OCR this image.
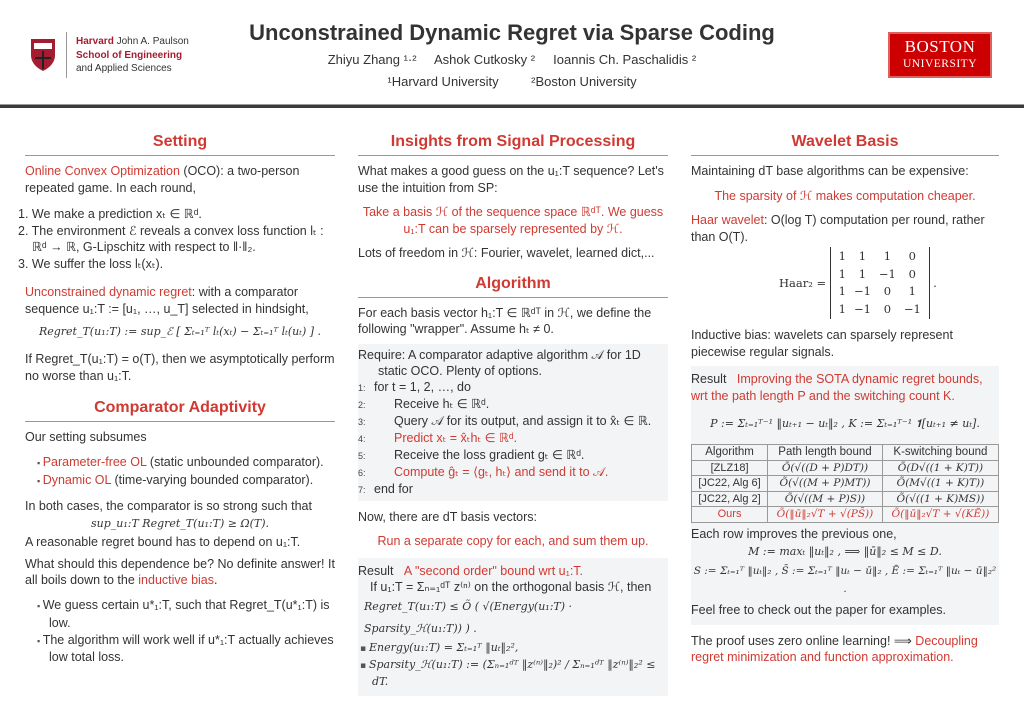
Harvard John A. Paulson
School of Engineering
and Applied Sciences
Unconstrained Dynamic Regret via Sparse Coding
Zhiyu Zhang ¹·² Ashok Cutkosky ² Ioannis Ch. Paschalidis ²
¹Harvard University	²Boston University
BOSTON
UNIVERSITY
Setting
Online Convex Optimization (OCO): a two-person repeated game. In each round,
1. We make a prediction xₜ ∈ ℝᵈ.
2. The environment ℰ reveals a convex loss function lₜ : ℝᵈ → ℝ, G-Lipschitz with respect to ‖·‖₂.
3. We suffer the loss lₜ(xₜ).
Unconstrained dynamic regret: with a comparator sequence u₁:T := [u₁, …, u_T] selected in hindsight,
Regret_T(u₁:T) := sup_ℰ [ Σₜ₌₁ᵀ lₜ(xₜ) − Σₜ₌₁ᵀ lₜ(uₜ) ] .
If Regret_T(u₁:T) = o(T), then we asymptotically perform no worse than u₁:T.
Comparator Adaptivity
Our setting subsumes
▪ Parameter-free OL (static unbounded comparator).
▪ Dynamic OL (time-varying bounded comparator).
In both cases, the comparator is so strong such that
sup_u₁:T Regret_T(u₁:T) ≥ Ω(T).
A reasonable regret bound has to depend on u₁:T.
What should this dependence be? No definite answer! It all boils down to the inductive bias.
▪ We guess certain u*₁:T, such that Regret_T(u*₁:T) is low.
▪ The algorithm will work well if u*₁:T actually achieves low total loss.
Insights from Signal Processing
What makes a good guess on the u₁:T sequence? Let's use the intuition from SP:
Take a basis ℋ of the sequence space ℝᵈᵀ. We guess u₁:T can be sparsely represented by ℋ.
Lots of freedom in ℋ: Fourier, wavelet, learned dict,...
Algorithm
For each basis vector h₁:T ∈ ℝᵈᵀ in ℋ, we define the following "wrapper". Assume hₜ ≠ 0.
Require: A comparator adaptive algorithm 𝒜 for 1D static OCO. Plenty of options.
1: for t = 1, 2, …, do
2: Receive hₜ ∈ ℝᵈ.
3: Query 𝒜 for its output, and assign it to x̂ₜ ∈ ℝ.
4: Predict xₜ = x̂ₜhₜ ∈ ℝᵈ.
5: Receive the loss gradient gₜ ∈ ℝᵈ.
6: Compute ĝₜ = ⟨gₜ, hₜ⟩ and send it to 𝒜.
7: end for
Now, there are dT basis vectors:
Run a separate copy for each, and sum them up.
Result A "second order" bound wrt u₁:T.
If u₁:T = Σₙ₌₁ᵈᵀ z⁽ⁿ⁾ on the orthogonal basis ℋ, then
Regret_T(u₁:T) ≤ Õ ( √(Energy(u₁:T) · Sparsity_ℋ(u₁:T)) ) .
▪ Energy(u₁:T) = Σₜ₌₁ᵀ ‖uₜ‖₂²,
▪ Sparsity_ℋ(u₁:T) := (Σₙ₌₁ᵈᵀ ‖z⁽ⁿ⁾‖₂)² / Σₙ₌₁ᵈᵀ ‖z⁽ⁿ⁾‖₂² ≤ dT.
Wavelet Basis
Maintaining dT base algorithms can be expensive:
The sparsity of ℋ makes computation cheaper.
Haar wavelet: O(log T) computation per round, rather than O(T).
Haar₂ = 1	1	1	0
1	1	−1	0
1	−1	0	1
1	−1	0	−1 .
Inductive bias: wavelets can sparsely represent piecewise regular signals.
Result Improving the SOTA dynamic regret bounds, wrt the path length P and the switching count K.
P := Σₜ₌₁ᵀ⁻¹ ‖uₜ₊₁ − uₜ‖₂ , K := Σₜ₌₁ᵀ⁻¹ 𝟏[uₜ₊₁ ≠ uₜ].
Algorithm	Path length bound	K-switching bound
[ZLZ18]	Õ(√((D + P)DT))	Õ(D√((1 + K)T))
[JC22, Alg 6]	Õ(√((M + P)MT))	Õ(M√((1 + K)T))
[JC22, Alg 2]	Õ(√((M + P)S))	Õ(√((1 + K)MS))
Ours	Õ(‖ū‖₂√T + √(PS̄))	Õ(‖ū‖₂√T + √(KĒ))
Each row improves the previous one,
M := maxₜ ‖uₜ‖₂ , ⟹ ‖ū‖₂ ≤ M ≤ D.
S := Σₜ₌₁ᵀ ‖uₜ‖₂ , S̄ := Σₜ₌₁ᵀ ‖uₜ − ū‖₂ , Ē := Σₜ₌₁ᵀ ‖uₜ − ū‖₂² .
Feel free to check out the paper for examples.
The proof uses zero online learning! ⟹ Decoupling regret minimization and function approximation.
